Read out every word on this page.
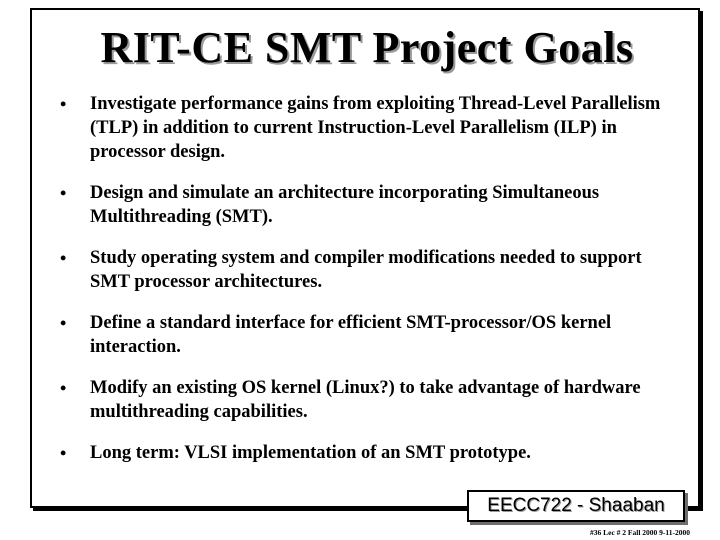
RIT-CE SMT Project Goals
• Investigate performance gains from exploiting Thread-Level Parallelism (TLP) in addition to current Instruction-Level Parallelism (ILP) in processor design.
• Design and simulate an architecture incorporating Simultaneous Multithreading (SMT).
• Study operating system and compiler modifications needed to support SMT processor architectures.
• Define a standard interface for efficient SMT-processor/OS kernel interaction.
• Modify an existing OS kernel (Linux?) to take advantage of hardware multithreading capabilities.
• Long term: VLSI implementation of an SMT prototype.
EECC722 - Shaaban
#36 Lec # 2 Fall 2000 9-11-2000
